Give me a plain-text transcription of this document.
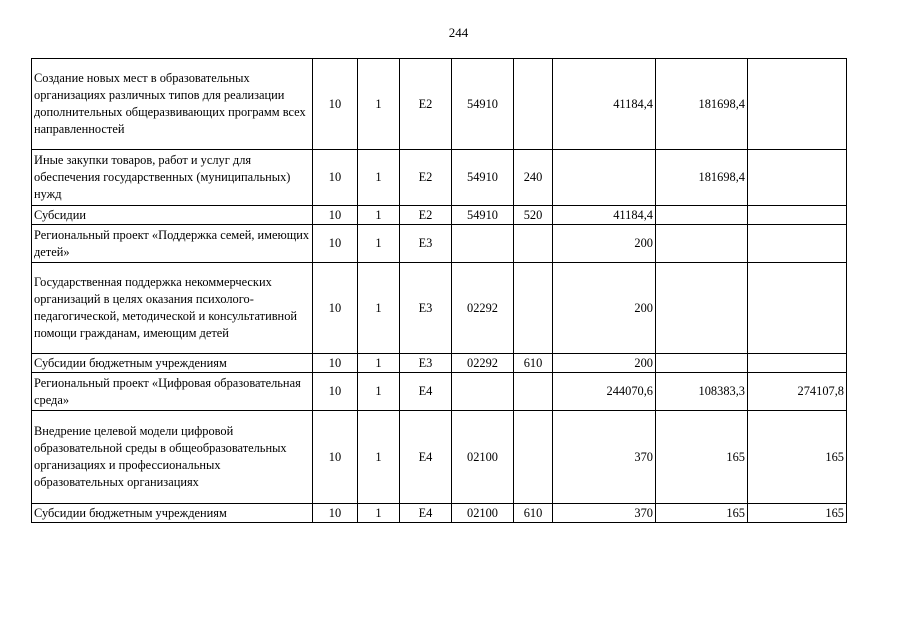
244
Создание новых мест в образовательных организациях различных типов для реализации дополнительных общеразвивающих программ всех направленностей	10	1	Е2	54910		41184,4	181698,4	
Иные закупки товаров, работ и услуг для обеспечения государственных (муниципальных) нужд	10	1	Е2	54910	240		181698,4	
Субсидии	10	1	Е2	54910	520	41184,4		
Региональный проект «Поддержка семей, имеющих детей»	10	1	Е3			200		
Государственная поддержка некоммерческих организаций в целях оказания психолого-педагогической, методической и консультативной помощи гражданам, имеющим детей	10	1	Е3	02292		200		
Субсидии бюджетным учреждениям	10	1	Е3	02292	610	200		
Региональный проект «Цифровая образовательная среда»	10	1	Е4			244070,6	108383,3	274107,8
Внедрение целевой модели цифровой образовательной среды в общеобразовательных организациях и профессиональных образовательных организациях	10	1	Е4	02100		370	165	165
Субсидии бюджетным учреждениям	10	1	Е4	02100	610	370	165	165
